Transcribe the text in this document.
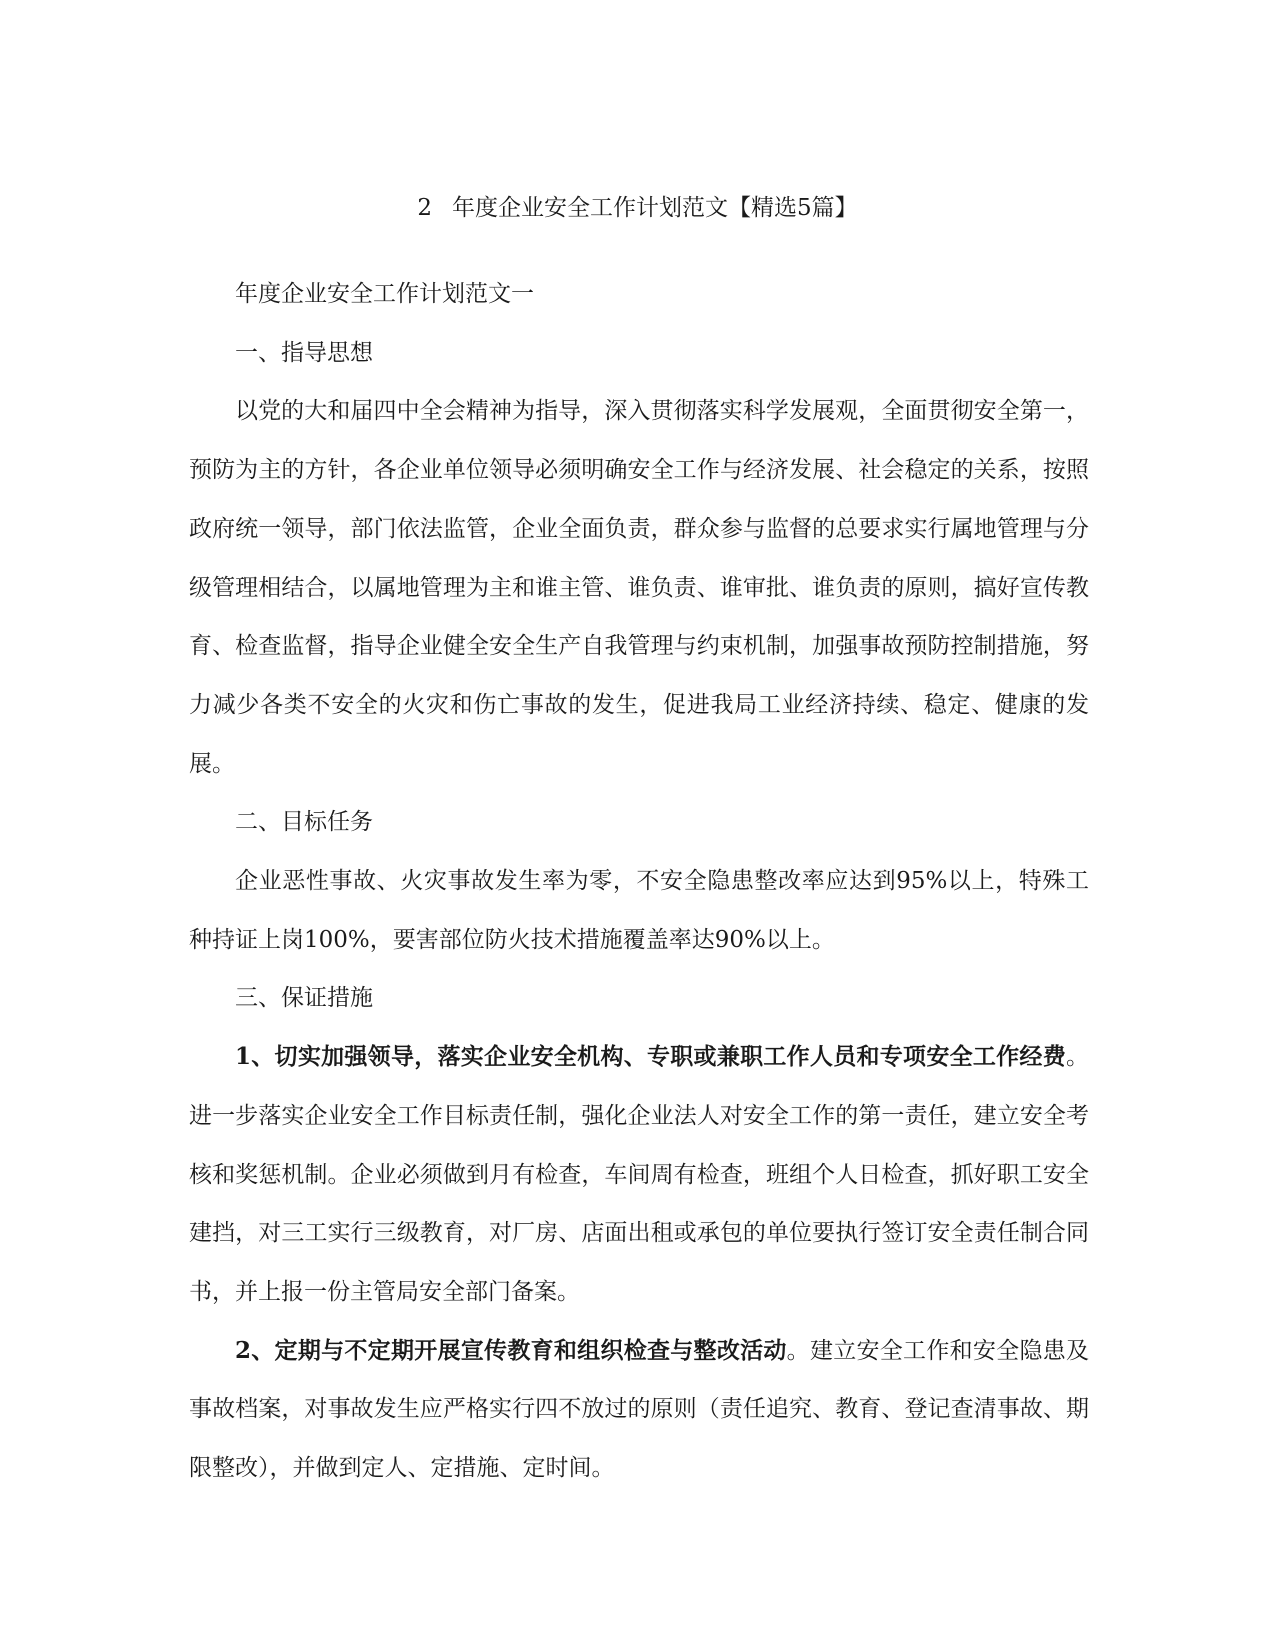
2 年度企业安全工作计划范文【精选5篇】

年度企业安全工作计划范文一

一、指导思想

以党的大和届四中全会精神为指导，深入贯彻落实科学发展观，全面贯彻安全第一，预防为主的方针，各企业单位领导必须明确安全工作与经济发展、社会稳定的关系，按照政府统一领导，部门依法监管，企业全面负责，群众参与监督的总要求实行属地管理与分级管理相结合，以属地管理为主和谁主管、谁负责、谁审批、谁负责的原则，搞好宣传教育、检查监督，指导企业健全安全生产自我管理与约束机制，加强事故预防控制措施，努力减少各类不安全的火灾和伤亡事故的发生，促进我局工业经济持续、稳定、健康的发展。

二、目标任务

企业恶性事故、火灾事故发生率为零，不安全隐患整改率应达到95%以上，特殊工种持证上岗100%，要害部位防火技术措施覆盖率达90%以上。

三、保证措施

1、切实加强领导，落实企业安全机构、专职或兼职工作人员和专项安全工作经费。进一步落实企业安全工作目标责任制，强化企业法人对安全工作的第一责任，建立安全考核和奖惩机制。企业必须做到月有检查，车间周有检查，班组个人日检查，抓好职工安全建挡，对三工实行三级教育，对厂房、店面出租或承包的单位要执行签订安全责任制合同书，并上报一份主管局安全部门备案。

2、定期与不定期开展宣传教育和组织检查与整改活动。建立安全工作和安全隐患及事故档案，对事故发生应严格实行四不放过的原则（责任追究、教育、登记查清事故、期限整改），并做到定人、定措施、定时间。
